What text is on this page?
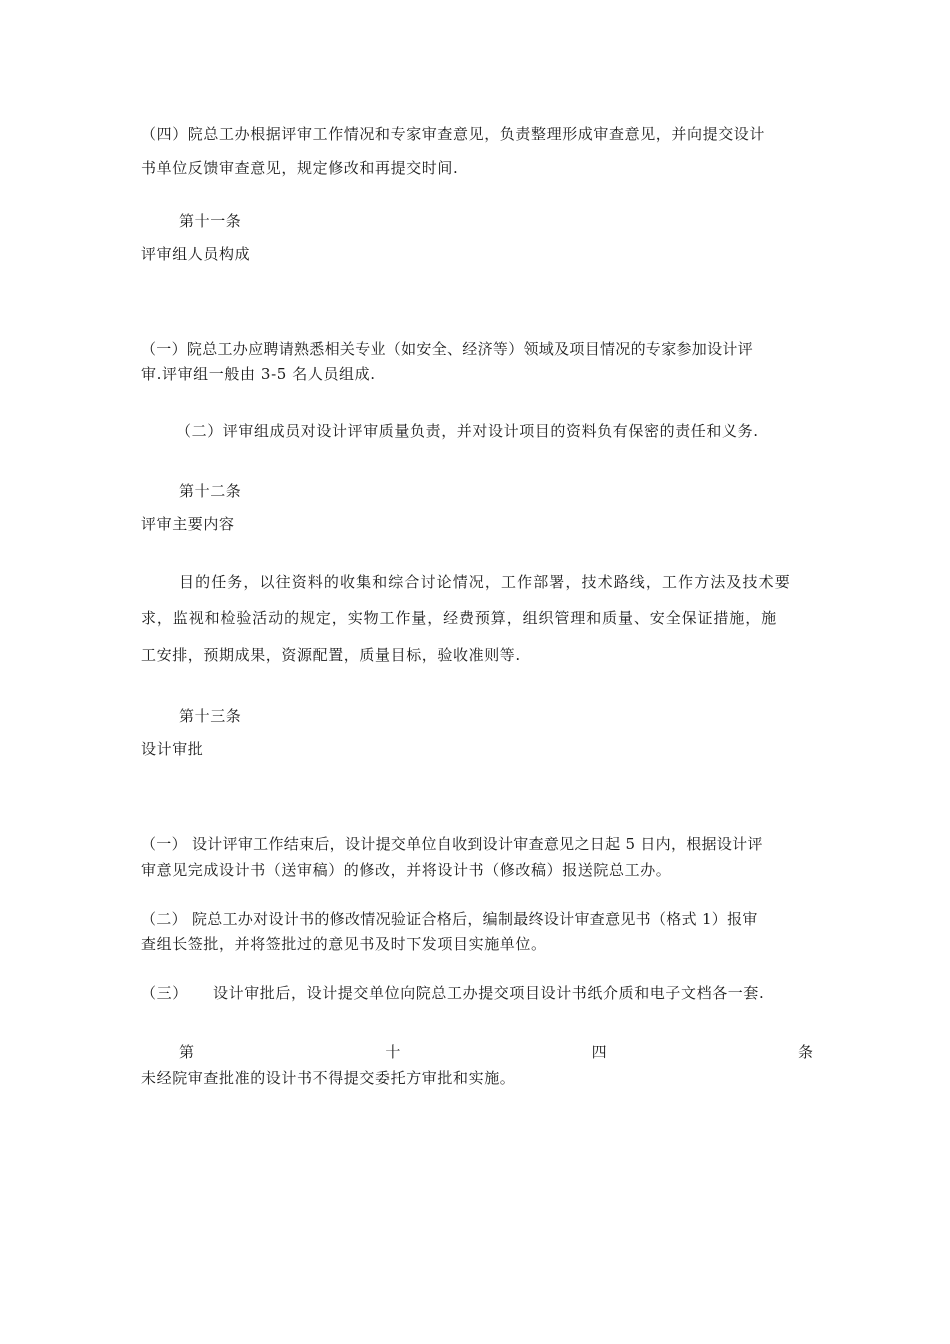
（四）院总工办根据评审工作情况和专家审查意见，负责整理形成审查意见，并向提交设计
书单位反馈审查意见，规定修改和再提交时间.
第十一条
评审组人员构成
（一）院总工办应聘请熟悉相关专业（如安全、经济等）领域及项目情况的专家参加设计评
审.评审组一般由 3-5 名人员组成.
（二）评审组成员对设计评审质量负责，并对设计项目的资料负有保密的责任和义务.
第十二条
评审主要内容
目的任务，以往资料的收集和综合讨论情况，工作部署，技术路线，工作方法及技术要
求，监视和检验活动的规定，实物工作量，经费预算，组织管理和质量、安全保证措施，施
工安排，预期成果，资源配置，质量目标，验收准则等.
第十三条
设计审批
（一） 设计评审工作结束后，设计提交单位自收到设计审查意见之日起 5 日内，根据设计评
审意见完成设计书（送审稿）的修改，并将设计书（修改稿）报送院总工办。
（二） 院总工办对设计书的修改情况验证合格后，编制最终设计审查意见书（格式 1）报审
查组长签批，并将签批过的意见书及时下发项目实施单位。
（三） 设计审批后，设计提交单位向院总工办提交项目设计书纸介质和电子文档各一套.
第	十	四	条
未经院审查批准的设计书不得提交委托方审批和实施。
